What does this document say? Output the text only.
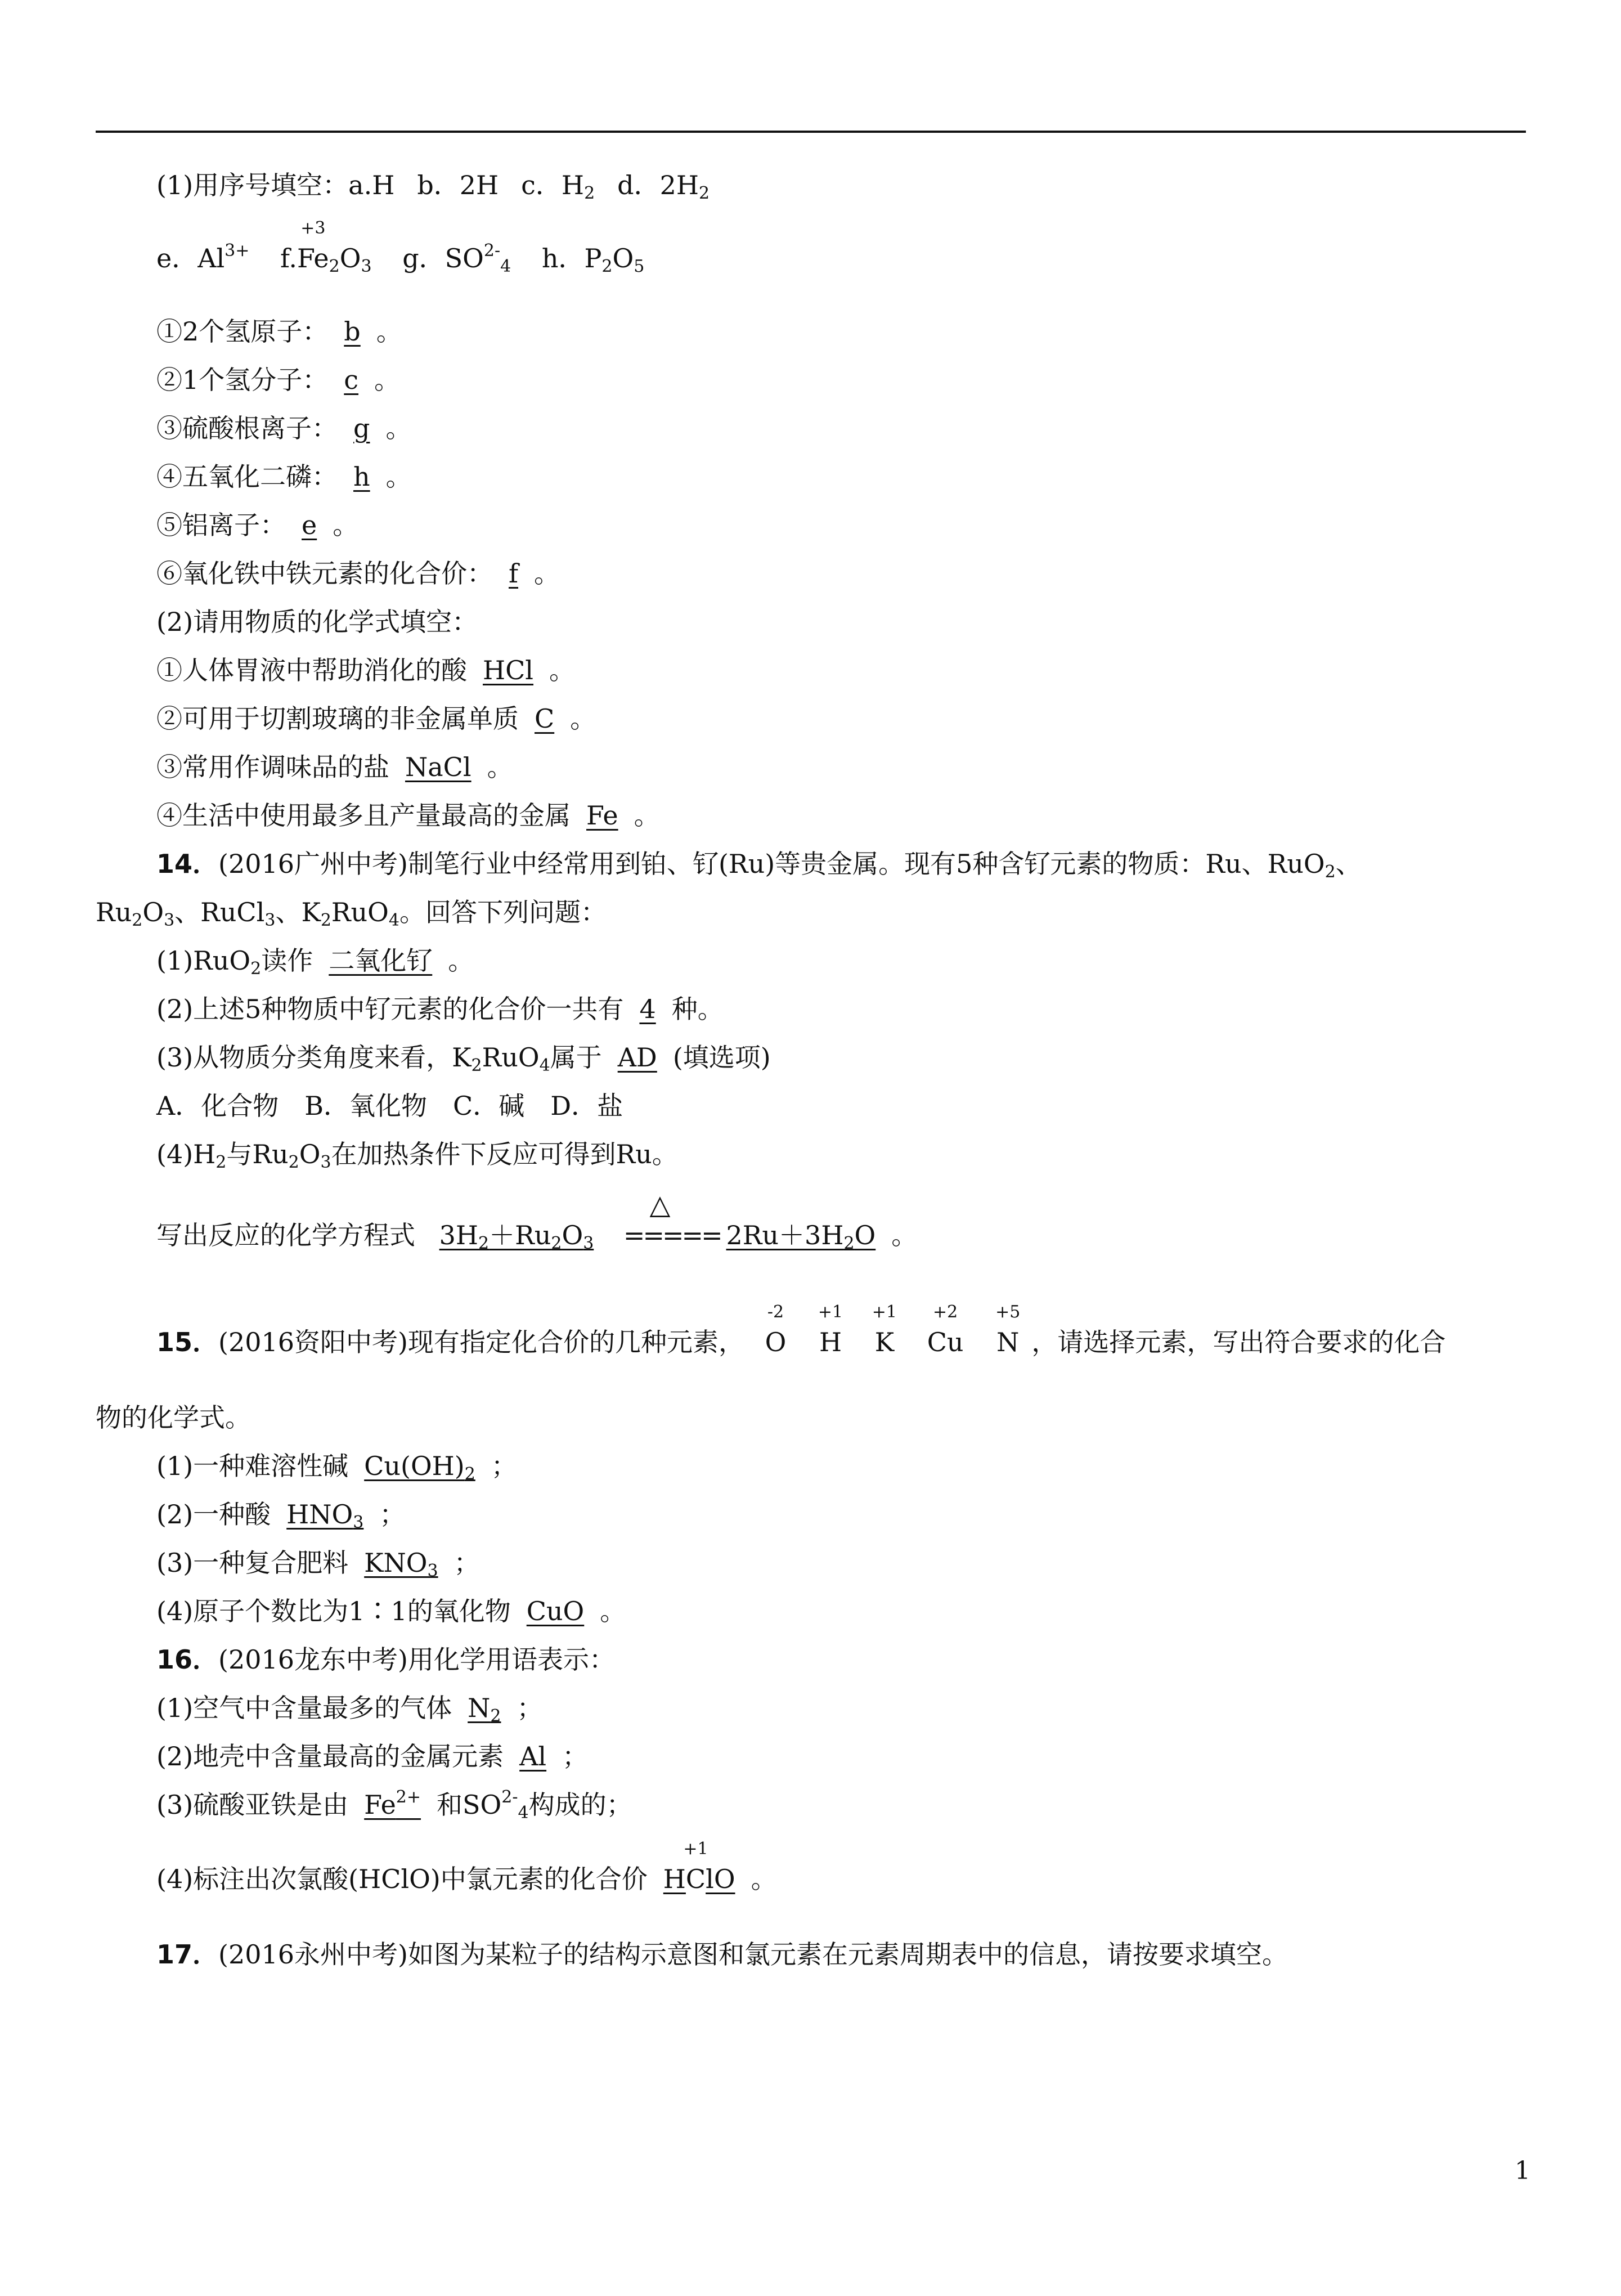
(1)用序号填空：a.H b．2H c．$H_2$ d．$2H_2$
e．$Al^{3+}$ f.
+3
$Fe_2O_3$ g．$SO^{2-}_4$ h．$P_2O_5$
①2个氢原子： b 。
②1个氢分子： c 。
③硫酸根离子： g 。
④五氧化二磷： h 。
⑤铝离子： e 。
⑥氧化铁中铁元素的化合价： f 。
(2)请用物质的化学式填空：
①人体胃液中帮助消化的酸 HCl 。
②可用于切割玻璃的非金属单质 C 。
③常用作调味品的盐 NaCl 。
④生活中使用最多且产量最高的金属 Fe 。
14．(2016广州中考)制笔行业中经常用到铂、钌(Ru)等贵金属。现有5种含钌元素的物质：Ru、RuO$_2$、
$Ru_2O_3$、RuCl$_3$、$K_2RuO_4$。回答下列问题：
(1)RuO$_2$读作 二氧化钌 。
(2)上述5种物质中钌元素的化合价一共有 4 种。
(3)从物质分类角度来看，$K_2RuO_4$属于 AD (填选项)
A．化合物　B．氧化物　C．碱　D．盐
$(4)H_2$与$Ru_2O_3$在加热条件下反应可得到Ru。
写出反应的化学方程式 $3H_2+Ru_2O_3$
△
===== $2Ru+3H_2O$ 。
15．(2016资阳中考)现有指定化合价的几种元素，
-2
O
+1
H
+1
K
+2
Cu
+5
N ，请选择元素，写出符合要求的化合
物的化学式。
(1)一种难溶性碱 $Cu(OH)_2$ ；
(2)一种酸 $HNO_3$ ；
(3)一种复合肥料 $KNO_3$ ；
(4)原子个数比为1∶1的氧化物 CuO 。
16．(2016龙东中考)用化学用语表示：
(1)空气中含量最多的气体 $N_2$ ；
(2)地壳中含量最高的金属元素 Al ；
(3)硫酸亚铁是由 $Fe^{2+}$ 和$SO^{2-}_4$构成的；
(4)标注出次氯酸(HClO)中氯元素的化合价 H
+1
ClO 。
17．(2016永州中考)如图为某粒子的结构示意图和氯元素在元素周期表中的信息，请按要求填空。
1
